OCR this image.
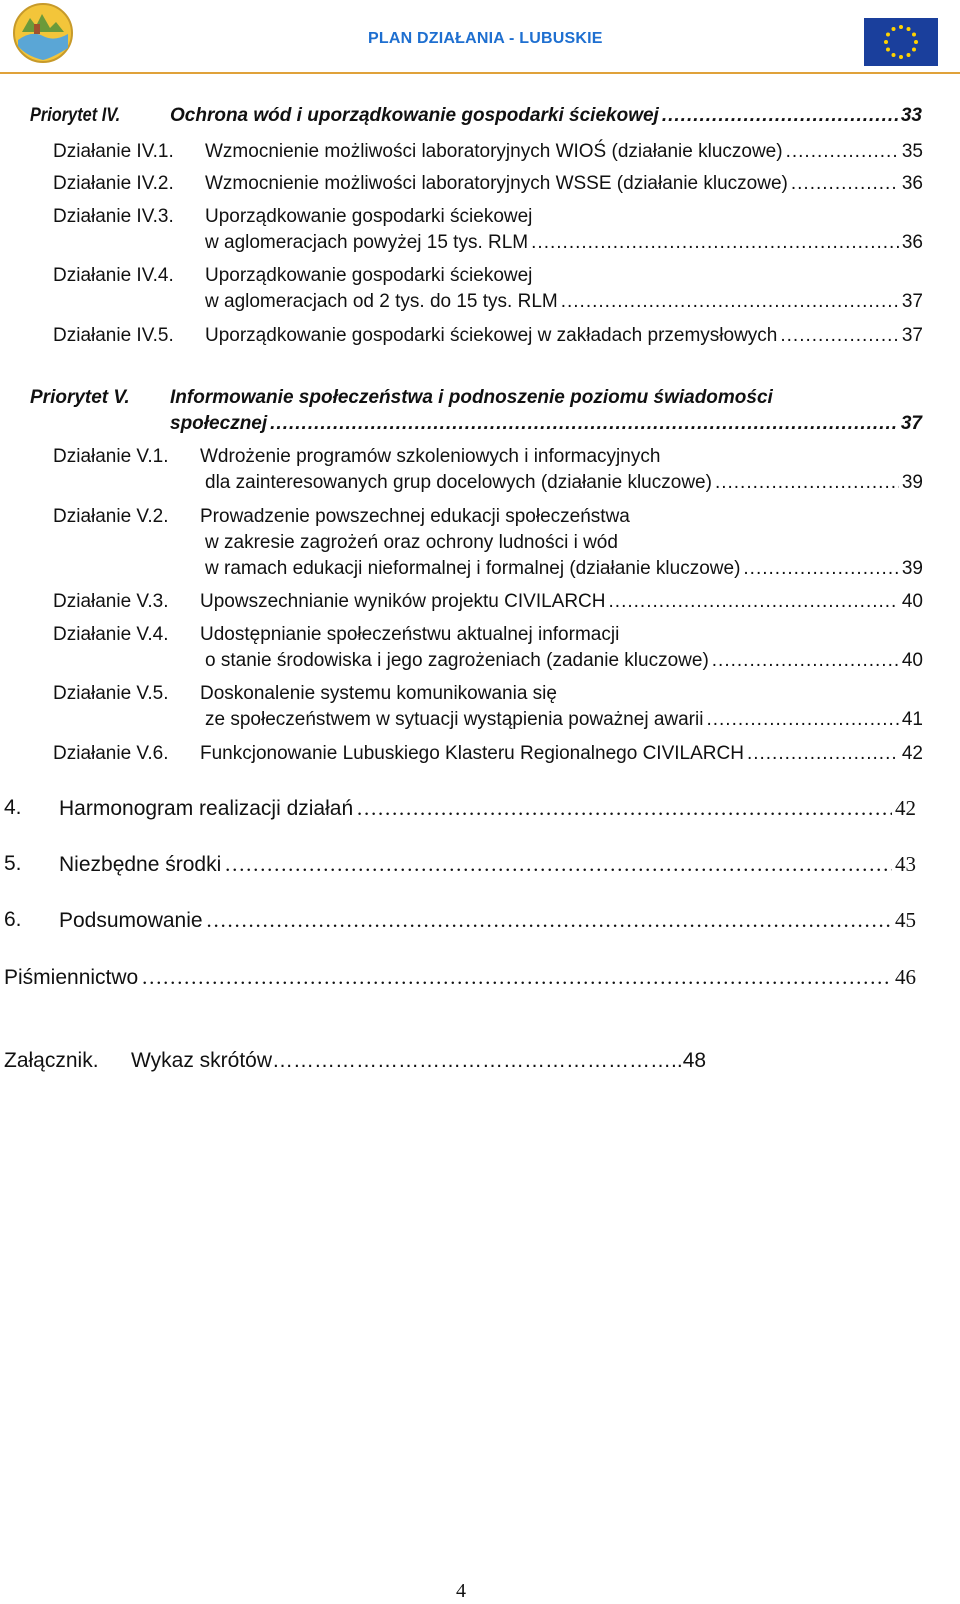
PLAN DZIAŁANIA - LUBUSKIE
Priorytet IV.	Ochrona wód i uporządkowanie gospodarki ściekowej .....	33
Działanie IV.1. Wzmocnienie możliwości laboratoryjnych WIOŚ (działanie kluczowe) .....	35
Działanie IV.2. Wzmocnienie możliwości laboratoryjnych WSSE (działanie kluczowe) .....	36
Działanie IV.3. Uporządkowanie gospodarki ściekowej
w aglomeracjach powyżej 15 tys. RLM .....	36
Działanie IV.4. Uporządkowanie gospodarki ściekowej
w aglomeracjach od 2 tys. do 15 tys. RLM .....	37
Działanie IV.5. Uporządkowanie gospodarki ściekowej w zakładach przemysłowych .....	37
Priorytet V. Informowanie społeczeństwa i podnoszenie poziomu świadomości
społecznej .....	37
Działanie V.1. Wdrożenie programów szkoleniowych i informacyjnych
dla zainteresowanych grup docelowych (działanie kluczowe) .....	39
Działanie V.2. Prowadzenie powszechnej edukacji społeczeństwa
w zakresie zagrożeń oraz ochrony ludności i wód
w ramach edukacji nieformalnej i formalnej (działanie kluczowe) .....	39
Działanie V.3. Upowszechnianie wyników projektu CIVILARCH .....	40
Działanie V.4. Udostępnianie społeczeństwu aktualnej informacji
o stanie środowiska i jego zagrożeniach (zadanie kluczowe) .....	40
Działanie V.5. Doskonalenie systemu komunikowania się
ze społeczeństwem w sytuacji wystąpienia poważnej awarii .....	41
Działanie V.6. Funkcjonowanie Lubuskiego Klasteru Regionalnego CIVILARCH .....	42
4. Harmonogram realizacji działań ………………………………………………………………………………………………………………………………………………………………………………………………………………	42
5. Niezbędne środki ………………………………………………………………………………………………………………………………………………………………………………………………………………	43
6. Podsumowanie ………………………………………………………………………………………………………………………………………………………………………………………………………………	45
Piśmiennictwo ………………………………………………………………………………………………………………………………………………………………………………………………………………	46
Załącznik. Wykaz skrótów…………………………………………………..48
4
